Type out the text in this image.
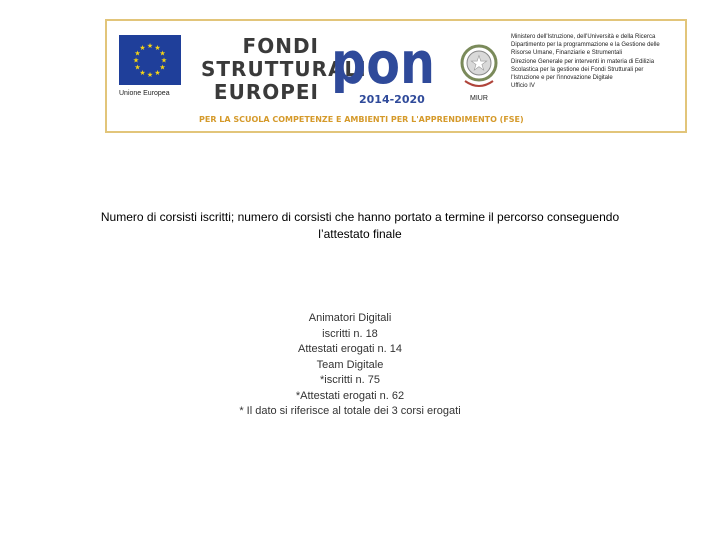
★ ★
★
★
★
★
★
★
★
★
★
★
Unione Europea
FONDI
STRUTTURALI
EUROPEI pon
2014-2020
PER LA SCUOLA COMPETENZE E AMBIENTI PER L'APPRENDIMENTO (FSE)
★
MIUR
Ministero dell'Istruzione, dell'Università e della Ricerca
Dipartimento per la programmazione e la Gestione delle
Risorse Umane, Finanziarie e Strumentali
Direzione Generale per interventi in materia di Edilizia
Scolastica per la gestione dei Fondi Strutturali per
l'Istruzione e per l'innovazione Digitale
Ufficio IV
Numero di corsisti iscritti; numero di corsisti che hanno portato a termine il percorso conseguendo
l’attestato finale
Animatori Digitali
iscritti n. 18
Attestati erogati n. 14
Team Digitale
*iscritti n. 75
*Attestati erogati n. 62
* Il dato si riferisce al totale dei 3 corsi erogati
